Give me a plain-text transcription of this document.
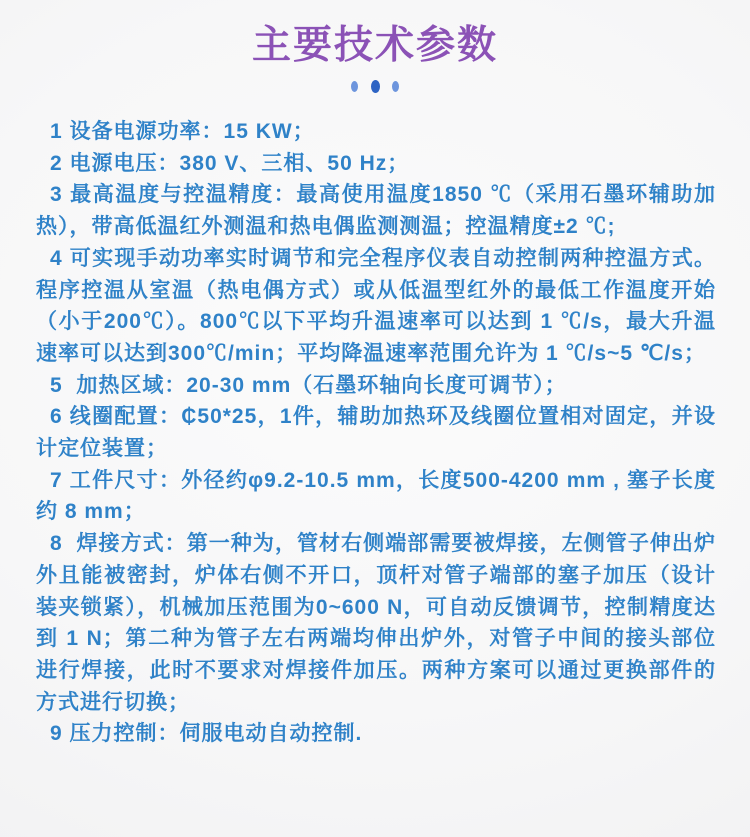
主要技术参数

1 设备电源功率：15 KW；

2 电源电压：380 V、三相、50 Hz；

3 最高温度与控温精度：最高使用温度1850 ℃（采用石墨环辅助加热），带高低温红外测温和热电偶监测测温；控温精度±2 ℃;

4 可实现手动功率实时调节和完全程序仪表自动控制两种控温方式。程序控温从室温（热电偶方式）或从低温型红外的最低工作温度开始（小于200℃）。800℃以下平均升温速率可以达到 1 ℃/s，最大升温速率可以达到300℃/min；平均降温速率范围允许为 1 ℃/s~5 ℃/s；

5  加热区域：20-30 mm（石墨环轴向长度可调节）；

6 线圈配置：₵50*25，1件，辅助加热环及线圈位置相对固定，并设计定位装置；

7 工件尺寸：外径约φ9.2-10.5 mm，长度500-4200 mm , 塞子长度约 8 mm；

8  焊接方式：第一种为，管材右侧端部需要被焊接，左侧管子伸出炉外且能被密封，炉体右侧不开口，顶杆对管子端部的塞子加压（设计装夹锁紧），机械加压范围为0~600 N，可自动反馈调节，控制精度达到 1 N；第二种为管子左右两端均伸出炉外，对管子中间的接头部位进行焊接，此时不要求对焊接件加压。两种方案可以通过更换部件的方式进行切换；

9 压力控制：伺服电动自动控制.
